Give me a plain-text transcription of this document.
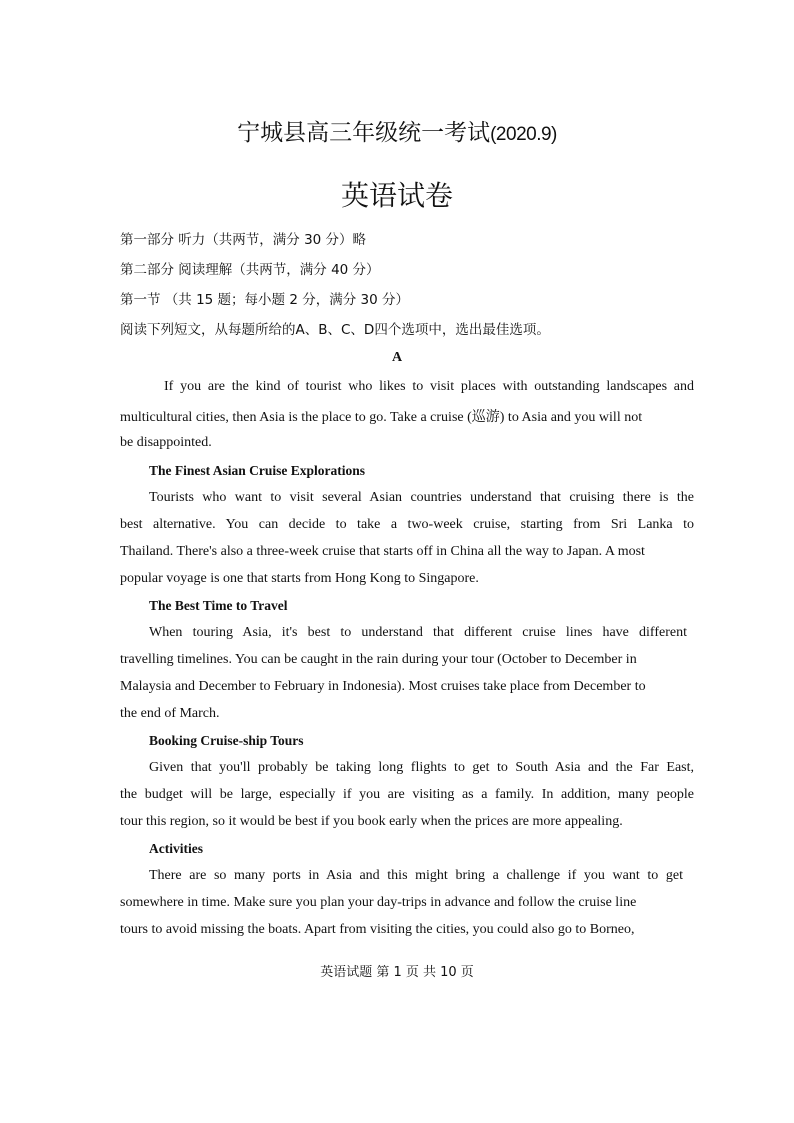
宁城县高三年级统一考试(2020.9)
英语试卷
第一部分 听力（共两节，满分 30 分）略
第二部分 阅读理解（共两节，满分 40 分）
第一节 （共 15 题；每小题 2 分，满分 30 分）
阅读下列短文，从每题所给的A、B、C、D四个选项中，选出最佳选项。
A
If you are the kind of tourist who likes to visit places with outstanding landscapes and
multicultural cities, then Asia is the place to go. Take a cruise (巡游) to Asia and you will not
be disappointed.
The Finest Asian Cruise Explorations
Tourists who want to visit several Asian countries understand that cruising there is the
best alternative. You can decide to take a two-week cruise, starting from Sri Lanka to
Thailand. There's also a three-week cruise that starts off in China all the way to Japan. A most
popular voyage is one that starts from Hong Kong to Singapore.
The Best Time to Travel
When touring Asia, it's best to understand that different cruise lines have different
travelling timelines. You can be caught in the rain during your tour (October to December in
Malaysia and December to February in Indonesia). Most cruises take place from December to
the end of March.
Booking Cruise-ship Tours
Given that you'll probably be taking long flights to get to South Asia and the Far East,
the budget will be large, especially if you are visiting as a family. In addition, many people
tour this region, so it would be best if you book early when the prices are more appealing.
Activities
There are so many ports in Asia and this might bring a challenge if you want to get
somewhere in time. Make sure you plan your day-trips in advance and follow the cruise line
tours to avoid missing the boats. Apart from visiting the cities, you could also go to Borneo,
英语试题 第 1 页 共 10 页
